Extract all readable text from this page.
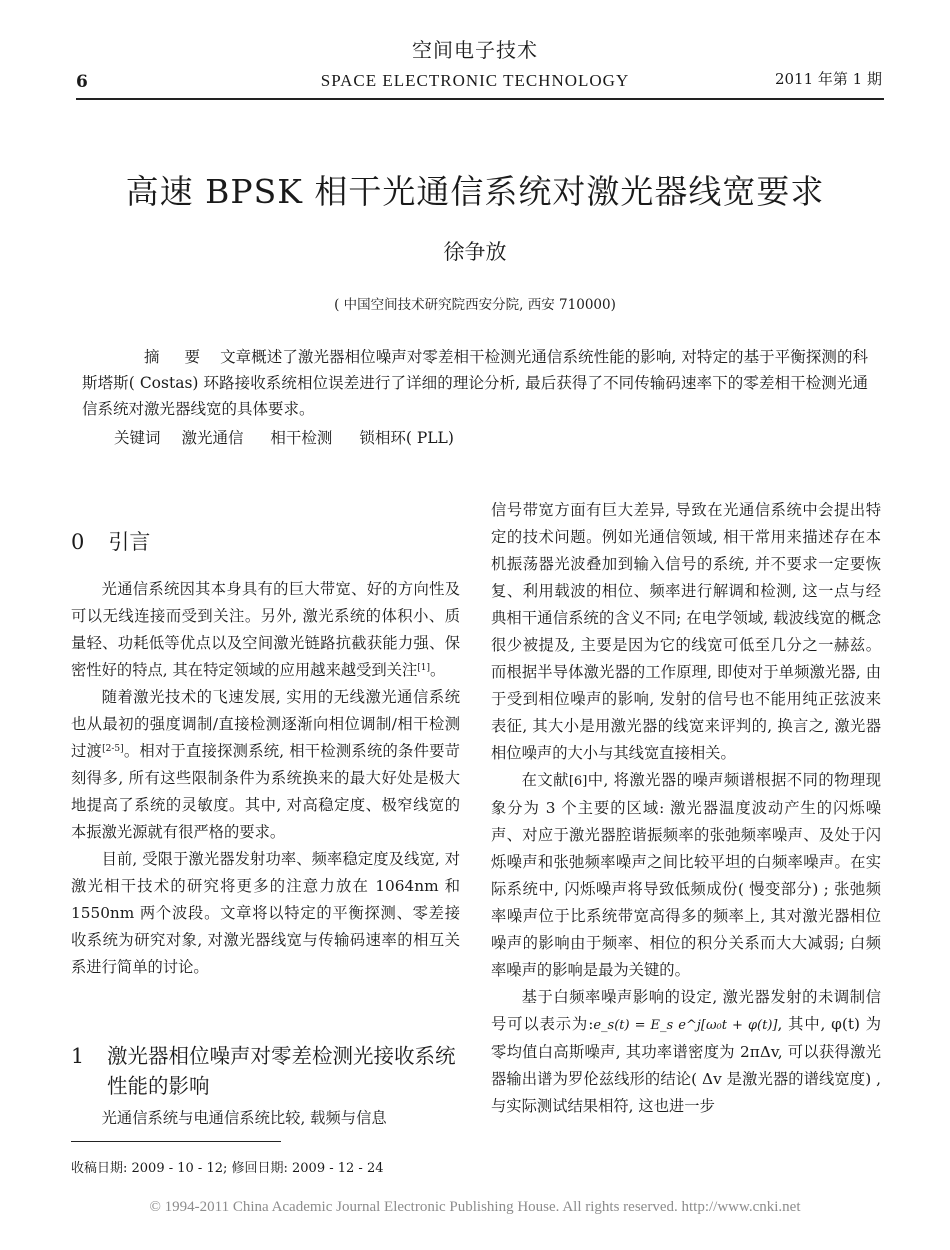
空间电子技术
6	SPACE ELECTRONIC TECHNOLOGY	2011 年第 1 期
高速 BPSK 相干光通信系统对激光器线宽要求
徐争放
( 中国空间技术研究院西安分院, 西安 710000)
摘 要 文章概述了激光器相位噪声对零差相干检测光通信系统性能的影响, 对特定的基于平衡探测的科斯塔斯( Costas) 环路接收系统相位误差进行了详细的理论分析, 最后获得了不同传输码速率下的零差相干检测光通信系统对激光器线宽的具体要求。
关键词 激光通信 相干检测 锁相环( PLL)
0 引言

光通信系统因其本身具有的巨大带宽、好的方向性及可以无线连接而受到关注。另外, 激光系统的体积小、质量轻、功耗低等优点以及空间激光链路抗截获能力强、保密性好的特点, 其在特定领域的应用越来越受到关注[1]。

随着激光技术的飞速发展, 实用的无线激光通信系统也从最初的强度调制/直接检测逐渐向相位调制/相干检测过渡[2-5]。相对于直接探测系统, 相干检测系统的条件要苛刻得多, 所有这些限制条件为系统换来的最大好处是极大地提高了系统的灵敏度。其中, 对高稳定度、极窄线宽的本振激光源就有很严格的要求。

目前, 受限于激光器发射功率、频率稳定度及线宽, 对激光相干技术的研究将更多的注意力放在 1064nm 和 1550nm 两个波段。文章将以特定的平衡探测、零差接收系统为研究对象, 对激光器线宽与传输码速率的相互关系进行简单的讨论。

1	激光器相位噪声对零差检测光接收系统性能的影响

光通信系统与电通信系统比较, 载频与信息

收稿日期: 2009 - 10 - 12; 修回日期: 2009 - 12 - 24

信号带宽方面有巨大差异, 导致在光通信系统中会提出特定的技术问题。例如光通信领域, 相干常用来描述存在本机振荡器光波叠加到输入信号的系统, 并不要求一定要恢复、利用载波的相位、频率进行解调和检测, 这一点与经典相干通信系统的含义不同; 在电学领域, 载波线宽的概念很少被提及, 主要是因为它的线宽可低至几分之一赫兹。而根据半导体激光器的工作原理, 即使对于单频激光器, 由于受到相位噪声的影响, 发射的信号也不能用纯正弦波来表征, 其大小是用激光器的线宽来评判的, 换言之, 激光器相位噪声的大小与其线宽直接相关。

在文献[6]中, 将激光器的噪声频谱根据不同的物理现象分为 3 个主要的区域: 激光器温度波动产生的闪烁噪声、对应于激光器腔谐振频率的张弛频率噪声、及处于闪烁噪声和张弛频率噪声之间比较平坦的白频率噪声。在实际系统中, 闪烁噪声将导致低频成份( 慢变部分) ; 张弛频率噪声位于比系统带宽高得多的频率上, 其对激光器相位噪声的影响由于频率、相位的积分关系而大大减弱; 白频率噪声的影响是最为关键的。

基于白频率噪声影响的设定, 激光器发射的未调制信号可以表示为:e_s(t) = E_s e^j[ω₀t + φ(t)], 其中, φ(t) 为零均值白高斯噪声, 其功率谱密度为 2πΔv, 可以获得激光器输出谱为罗伦兹线形的结论( Δv 是激光器的谱线宽度) , 与实际测试结果相符, 这也进一步

© 1994-2011 China Academic Journal Electronic Publishing House. All rights reserved. http://www.cnki.net
